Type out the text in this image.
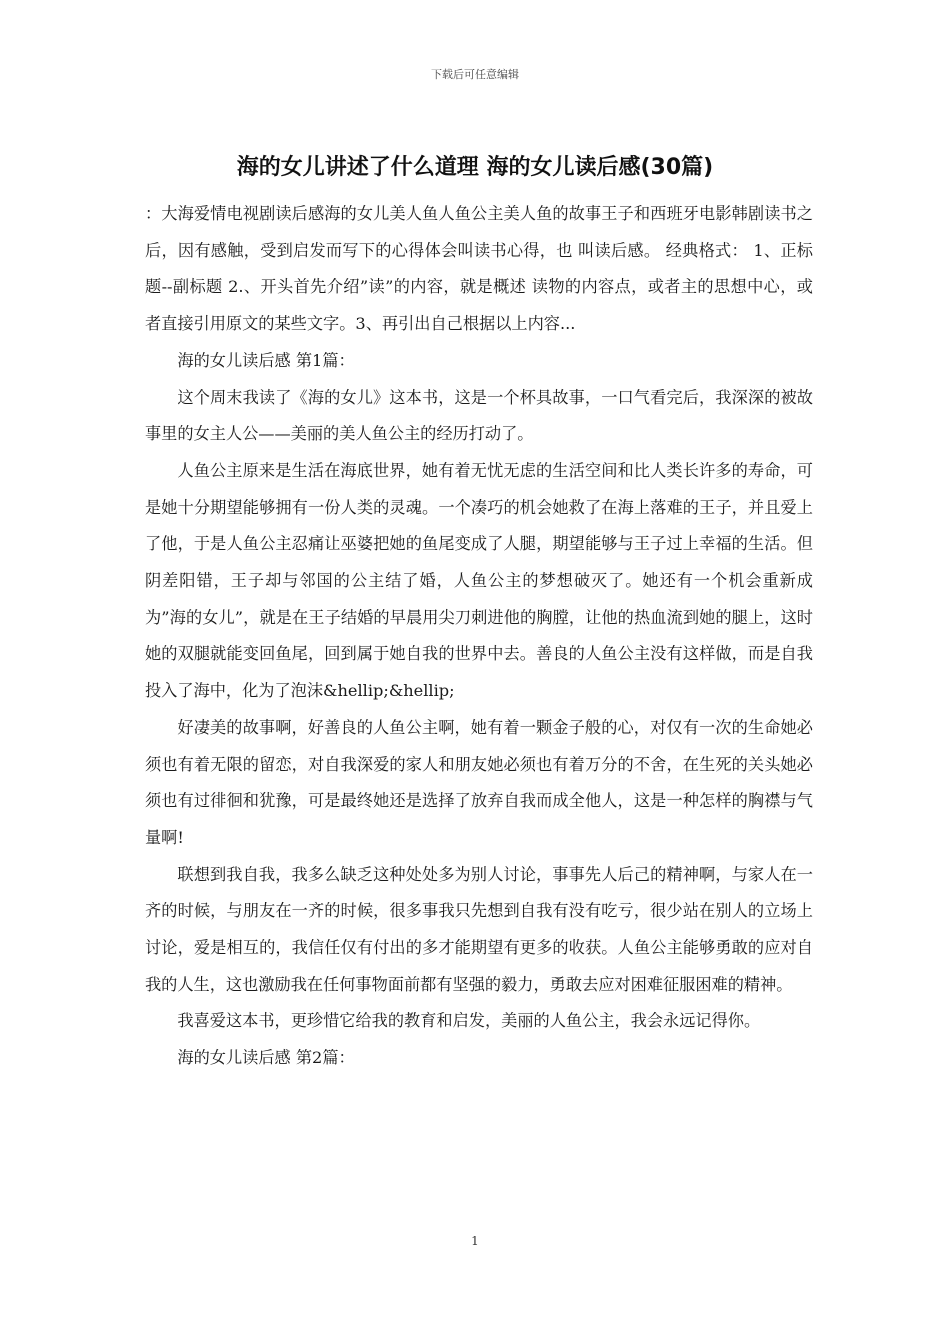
下载后可任意编辑
海的女儿讲述了什么道理 海的女儿读后感(30篇)

：大海爱情电视剧读后感海的女儿美人鱼人鱼公主美人鱼的故事王子和西班牙电影韩剧读书之后，因有感触，受到启发而写下的心得体会叫读书心得，也 叫读后感。 经典格式： 1、正标题--副标题 2.、开头首先介绍”读”的内容，就是概述 读物的内容点，或者主的思想中心，或者直接引用原文的某些文字。3、再引出自己根据以上内容...

海的女儿读后感 第1篇：

这个周末我读了《海的女儿》这本书，这是一个杯具故事，一口气看完后，我深深的被故事里的女主人公——美丽的美人鱼公主的经历打动了。

人鱼公主原来是生活在海底世界，她有着无忧无虑的生活空间和比人类长许多的寿命，可是她十分期望能够拥有一份人类的灵魂。一个凑巧的机会她救了在海上落难的王子，并且爱上了他，于是人鱼公主忍痛让巫婆把她的鱼尾变成了人腿，期望能够与王子过上幸福的生活。但阴差阳错，王子却与邻国的公主结了婚，人鱼公主的梦想破灭了。她还有一个机会重新成为”海的女儿”，就是在王子结婚的早晨用尖刀刺进他的胸膛，让他的热血流到她的腿上，这时她的双腿就能变回鱼尾，回到属于她自我的世界中去。善良的人鱼公主没有这样做，而是自我投入了海中，化为了泡沫&hellip;&hellip;

好凄美的故事啊，好善良的人鱼公主啊，她有着一颗金子般的心，对仅有一次的生命她必须也有着无限的留恋，对自我深爱的家人和朋友她必须也有着万分的不舍，在生死的关头她必须也有过徘徊和犹豫，可是最终她还是选择了放弃自我而成全他人，这是一种怎样的胸襟与气量啊!

联想到我自我，我多么缺乏这种处处多为别人讨论，事事先人后己的精神啊，与家人在一齐的时候，与朋友在一齐的时候，很多事我只先想到自我有没有吃亏，很少站在别人的立场上讨论，爱是相互的，我信任仅有付出的多才能期望有更多的收获。人鱼公主能够勇敢的应对自我的人生，这也激励我在任何事物面前都有坚强的毅力，勇敢去应对困难征服困难的精神。

我喜爱这本书，更珍惜它给我的教育和启发，美丽的人鱼公主，我会永远记得你。

海的女儿读后感 第2篇：

1
